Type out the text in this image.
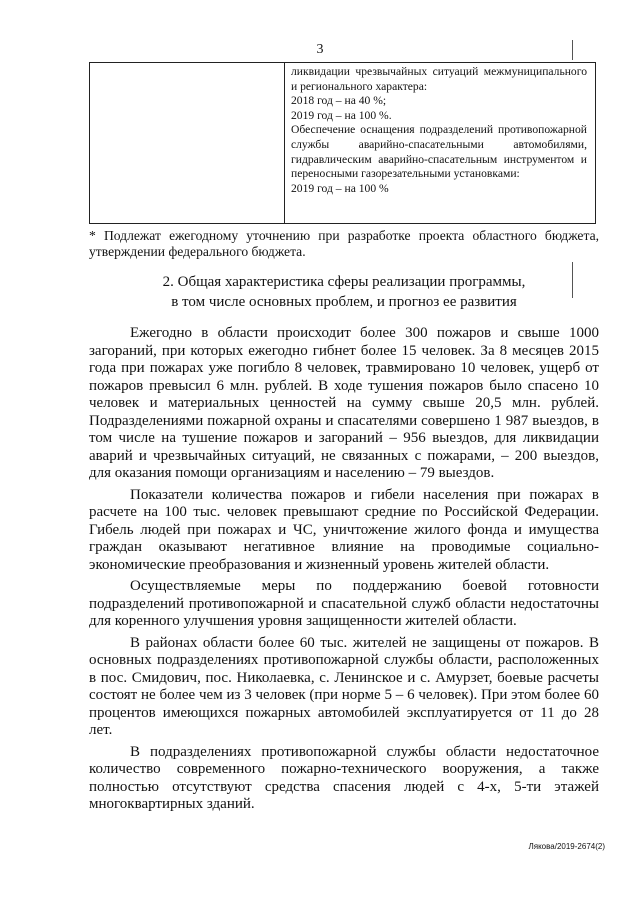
3

ликвидации чрезвычайных ситуаций межмуниципального и регионального характера:

2018 год – на 40 %;

2019 год – на 100 %.

Обеспечение оснащения подразделений противопожарной службы аварийно-спасательными автомобилями, гидравлическим аварийно-спасательным инструментом и переносными газорезательными установками:

2019 год – на 100 %

* Подлежат ежегодному уточнению при разработке проекта областного бюджета, утверждении федерального бюджета.

2. Общая характеристика сферы реализации программы,
в том числе основных проблем, и прогноз ее развития

Ежегодно в области происходит более 300 пожаров и свыше 1000 загораний, при которых ежегодно гибнет более 15 человек. За 8 месяцев 2015 года при пожарах уже погибло 8 человек, травмировано 10 человек, ущерб от пожаров превысил 6 млн. рублей. В ходе тушения пожаров было спасено 10 человек и материальных ценностей на сумму свыше 20,5 млн. рублей. Подразделениями пожарной охраны и спасателями совершено 1 987 выездов, в том числе на тушение пожаров и загораний – 956 выездов, для ликвидации аварий и чрезвычайных ситуаций, не связанных с пожарами, – 200 выездов, для оказания помощи организациям и населению – 79 выездов.

Показатели количества пожаров и гибели населения при пожарах в расчете на 100 тыс. человек превышают средние по Российской Федерации. Гибель людей при пожарах и ЧС, уничтожение жилого фонда и имущества граждан оказывают негативное влияние на проводимые социально-экономические преобразования и жизненный уровень жителей области.

Осуществляемые меры по поддержанию боевой готовности подразделений противопожарной и спасательной служб области недостаточны для коренного улучшения уровня защищенности жителей области.

В районах области более 60 тыс. жителей не защищены от пожаров. В основных подразделениях противопожарной службы области, расположенных в пос. Смидович, пос. Николаевка, с. Ленинское и с. Амурзет, боевые расчеты состоят не более чем из 3 человек (при норме 5 – 6 человек). При этом более 60 процентов имеющихся пожарных автомобилей эксплуатируется от 11 до 28 лет.

В подразделениях противопожарной службы области недостаточное количество современного пожарно-технического вооружения, а также полностью отсутствуют средства спасения людей с 4-х, 5-ти этажей многоквартирных зданий.

Лякова/2019-2674(2)
